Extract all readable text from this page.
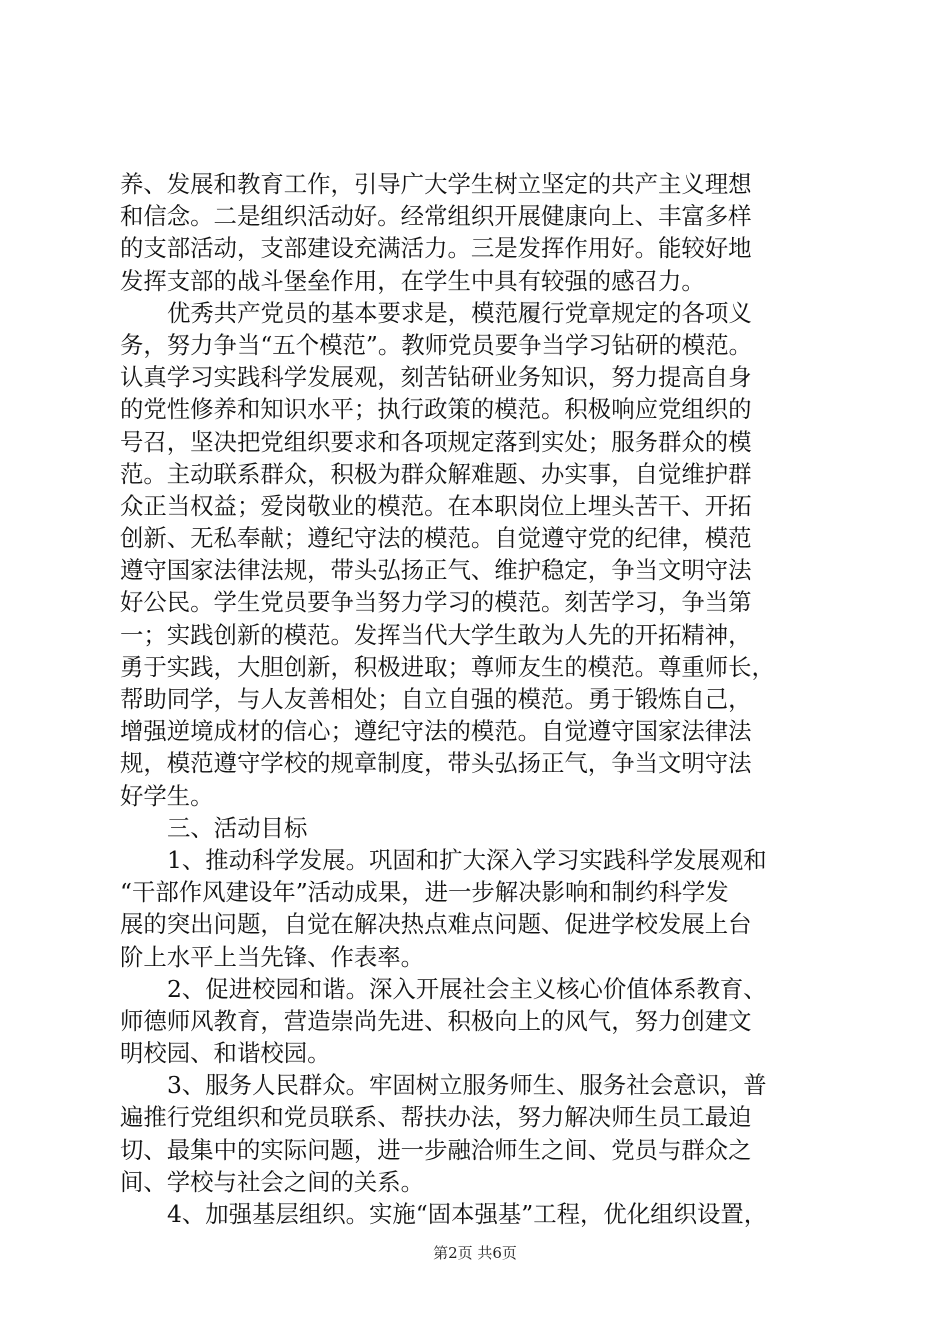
养、发展和教育工作，引导广大学生树立坚定的共产主义理想
和信念。二是组织活动好。经常组织开展健康向上、丰富多样
的支部活动，支部建设充满活力。三是发挥作用好。能较好地
发挥支部的战斗堡垒作用，在学生中具有较强的感召力。
优秀共产党员的基本要求是，模范履行党章规定的各项义
务，努力争当“五个模范”。教师党员要争当学习钻研的模范。
认真学习实践科学发展观，刻苦钻研业务知识，努力提高自身
的党性修养和知识水平；执行政策的模范。积极响应党组织的
号召，坚决把党组织要求和各项规定落到实处；服务群众的模
范。主动联系群众，积极为群众解难题、办实事，自觉维护群
众正当权益；爱岗敬业的模范。在本职岗位上埋头苦干、开拓
创新、无私奉献；遵纪守法的模范。自觉遵守党的纪律，模范
遵守国家法律法规，带头弘扬正气、维护稳定，争当文明守法
好公民。学生党员要争当努力学习的模范。刻苦学习，争当第
一；实践创新的模范。发挥当代大学生敢为人先的开拓精神，
勇于实践，大胆创新，积极进取；尊师友生的模范。尊重师长，
帮助同学，与人友善相处；自立自强的模范。勇于锻炼自己，
增强逆境成材的信心；遵纪守法的模范。自觉遵守国家法律法
规，模范遵守学校的规章制度，带头弘扬正气，争当文明守法
好学生。
三、活动目标
1、推动科学发展。巩固和扩大深入学习实践科学发展观和
“干部作风建设年”活动成果，进一步解决影响和制约科学发
展的突出问题，自觉在解决热点难点问题、促进学校发展上台
阶上水平上当先锋、作表率。
2、促进校园和谐。深入开展社会主义核心价值体系教育、
师德师风教育，营造崇尚先进、积极向上的风气，努力创建文
明校园、和谐校园。
3、服务人民群众。牢固树立服务师生、服务社会意识，普
遍推行党组织和党员联系、帮扶办法，努力解决师生员工最迫
切、最集中的实际问题，进一步融洽师生之间、党员与群众之
间、学校与社会之间的关系。
4、加强基层组织。实施“固本强基”工程，优化组织设置，
第2页 共6页
